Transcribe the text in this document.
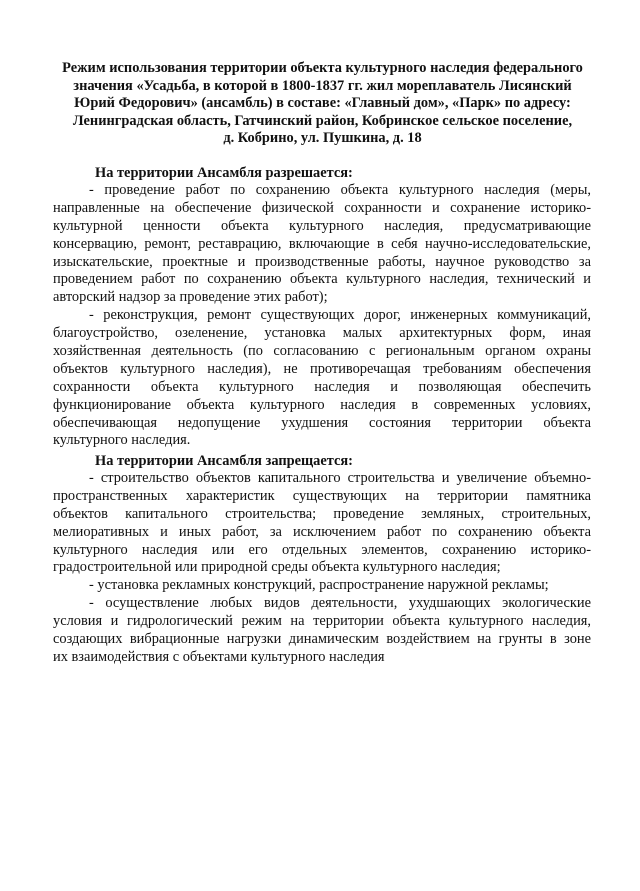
Режим использования территории объекта культурного наследия федерального
значения «Усадьба, в которой в 1800-1837 гг. жил мореплаватель Лисянский
Юрий Федорович» (ансамбль) в составе: «Главный дом», «Парк» по адресу:
Ленинградская область, Гатчинский район, Кобринское сельское поселение,
д. Кобрино, ул. Пушкина, д. 18

На территории Ансамбля разрешается:

- проведение работ по сохранению объекта культурного наследия (меры,
направленные на обеспечение физической сохранности и сохранение историко-
культурной ценности объекта культурного наследия, предусматривающие
консервацию, ремонт, реставрацию, включающие в себя научно-исследовательские,
изыскательские, проектные и производственные работы, научное руководство за
проведением работ по сохранению объекта культурного наследия, технический и
авторский надзор за проведение этих работ);
- реконструкция, ремонт существующих дорог, инженерных коммуникаций,
благоустройство, озеленение, установка малых архитектурных форм, иная
хозяйственная деятельность (по согласованию с региональным органом охраны
объектов культурного наследия), не противоречащая требованиям обеспечения
сохранности объекта культурного наследия и позволяющая обеспечить
функционирование объекта культурного наследия в современных условиях,
обеспечивающая недопущение ухудшения состояния территории объекта
культурного наследия.

На территории Ансамбля запрещается:

- строительство объектов капитального строительства и увеличение объемно-
пространственных характеристик существующих на территории памятника
объектов капитального строительства; проведение земляных, строительных,
мелиоративных и иных работ, за исключением работ по сохранению объекта
культурного наследия или его отдельных элементов, сохранению историко-
градостроительной или природной среды объекта культурного наследия;
- установка рекламных конструкций, распространение наружной рекламы;
- осуществление любых видов деятельности, ухудшающих экологические
условия и гидрологический режим на территории объекта культурного наследия,
создающих вибрационные нагрузки динамическим воздействием на грунты в зоне
их взаимодействия с объектами культурного наследия
